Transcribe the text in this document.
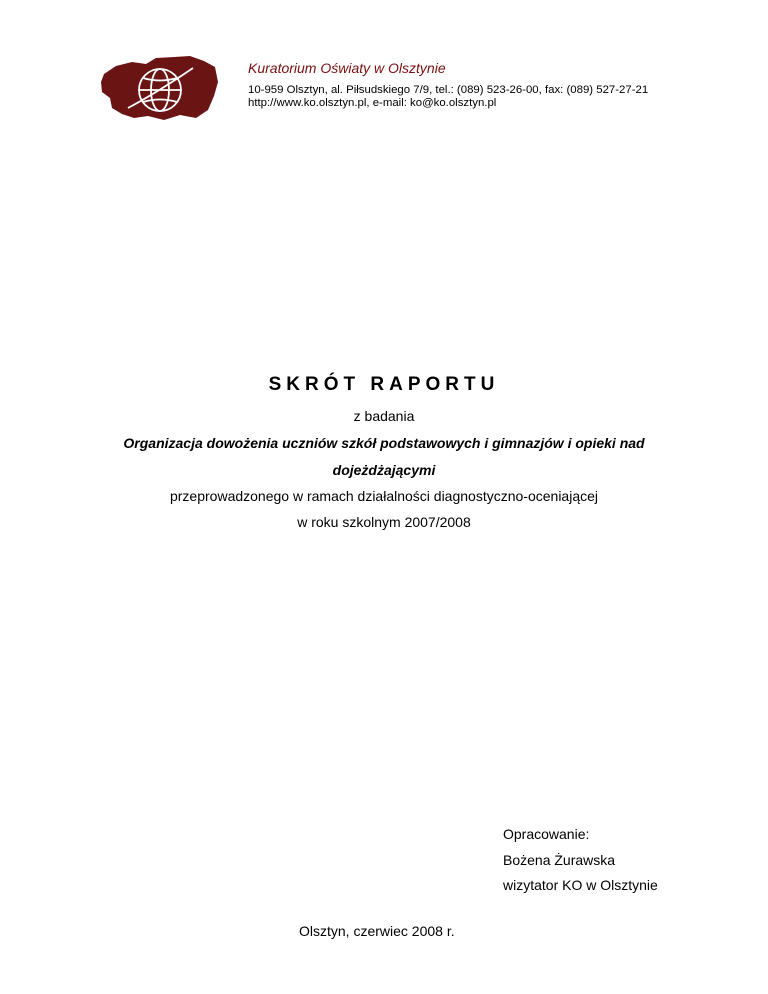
Kuratorium Oświaty w Olsztynie
10-959 Olsztyn, al. Piłsudskiego 7/9, tel.: (089) 523-26-00, fax: (089) 527-27-21
http://www.ko.olsztyn.pl, e-mail: ko@ko.olsztyn.pl
SKRÓT RAPORTU
z badania
Organizacja dowożenia uczniów szkół podstawowych i gimnazjów i opieki nad
dojeżdżającymi
przeprowadzonego w ramach działalności diagnostyczno-oceniającej
w roku szkolnym 2007/2008
Opracowanie:
Bożena Żurawska
wizytator KO w Olsztynie
Olsztyn, czerwiec 2008 r.
